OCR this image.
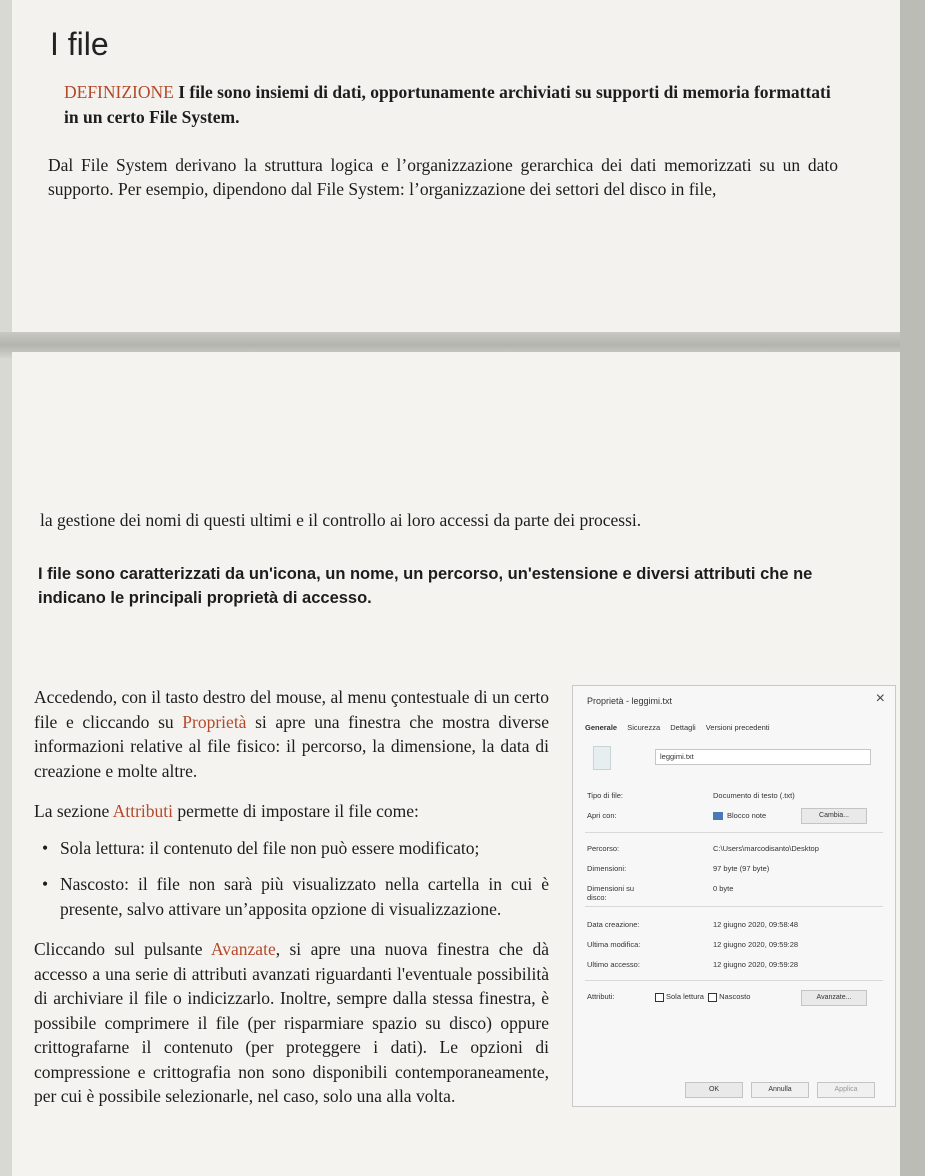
I file
DEFINIZIONE I file sono insiemi di dati, opportunamente archiviati su supporti di memoria formattati in un certo File System.
Dal File System derivano la struttura logica e l’organizzazione gerarchica dei dati memorizzati su un dato supporto. Per esempio, dipendono dal File System: l’organizzazione dei settori del disco in file,
la gestione dei nomi di questi ultimi e il controllo ai loro accessi da parte dei processi.
I file sono caratterizzati da un'icona, un nome, un percorso, un'estensione e diversi attributi che ne indicano le principali proprietà di accesso.

Accedendo, con il tasto destro del mouse, al menu çontestuale di un certo file e cliccando su Proprietà si apre una finestra che mostra diverse informazioni relative al file fisico: il percorso, la dimensione, la data di creazione e molte altre.

La sezione Attributi permette di impostare il file come:

• Sola lettura: il contenuto del file non può essere modificato;

• Nascosto: il file non sarà più visualizzato nella cartella in cui è presente, salvo attivare un’apposita opzione di visualizzazione.

Cliccando sul pulsante Avanzate, si apre una nuova finestra che dà accesso a una serie di attributi avanzati riguardanti l'eventuale possibilità di archiviare il file o indicizzarlo. Inoltre, sempre dalla stessa finestra, è possibile comprimere il file (per risparmiare spazio su disco) oppure crittografarne il contenuto (per proteggere i dati). Le opzioni di compressione e crittografia non sono disponibili contemporaneamente, per cui è possibile selezionarle, nel caso, solo una alla volta.

Proprietà - leggimi.txt	×
Generale Sicurezza Dettagli Versioni precedenti
leggimi.txt
Tipo di file:	Documento di testo (.txt)
Apri con:	Blocco note	Cambia...
Percorso:	C:\Users\marcodisanto\Desktop
Dimensioni:	97 byte (97 byte)
Dimensioni su disco:
0 byte
Data creazione:	12 giugno 2020, 09:58:48
Ultima modifica:	12 giugno 2020, 09:59:28
Ultimo accesso:	12 giugno 2020, 09:59:28
Attributi:	Sola lettura Nascosto	Avanzate...
OK	Annulla	Applica
